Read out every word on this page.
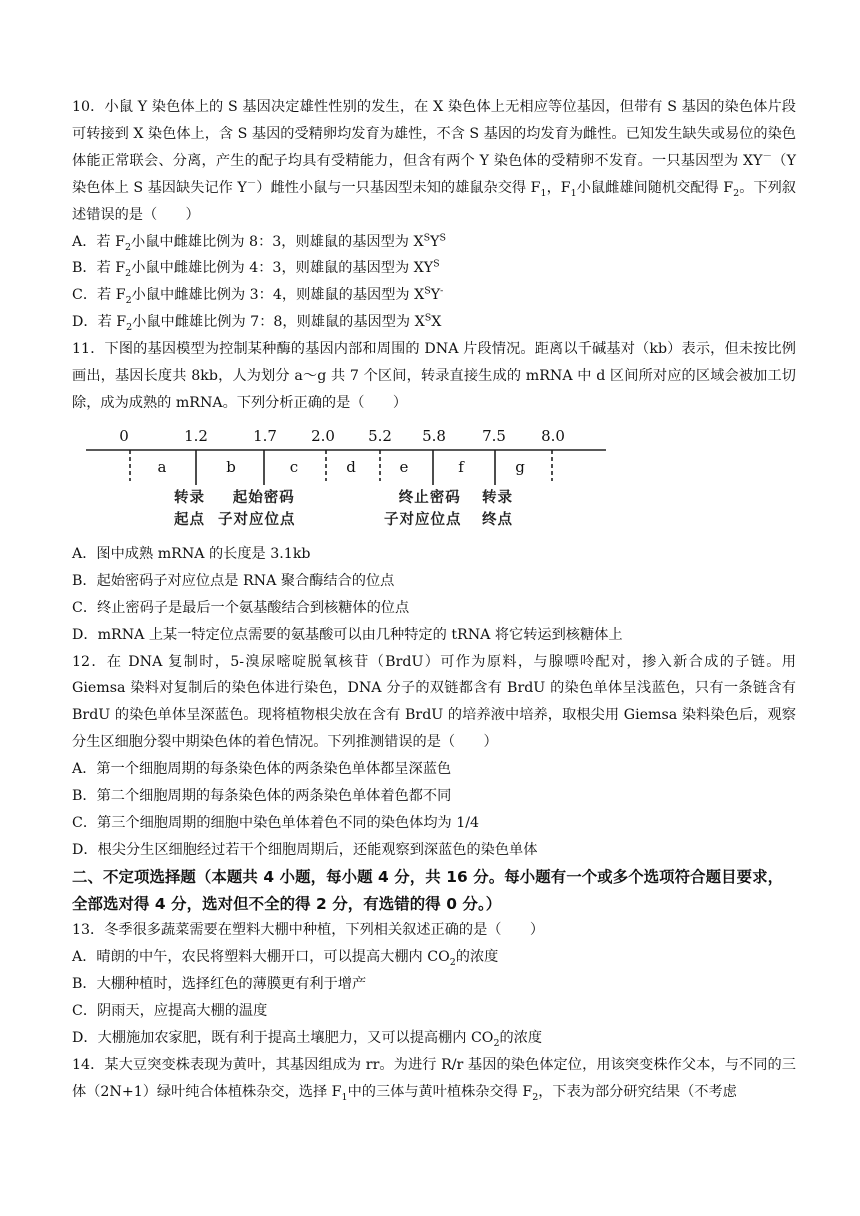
10．小鼠 Y 染色体上的 S 基因决定雄性性别的发生，在 X 染色体上无相应等位基因，但带有 S 基因的染色体片段可转接到 X 染色体上，含 S 基因的受精卵均发育为雄性，不含 S 基因的均发育为雌性。已知发生缺失或易位的染色体能正常联会、分离，产生的配子均具有受精能力，但含有两个 Y 染色体的受精卵不发育。一只基因型为 XY－（Y 染色体上 S 基因缺失记作 Y－）雌性小鼠与一只基因型未知的雄鼠杂交得 $F_1$，$F_1$小鼠雌雄间随机交配得 $F_2$。下列叙述错误的是（　　）

A．若 $F_2$小鼠中雌雄比例为 8：3，则雄鼠的基因型为 $X^SY^S$

B．若 $F_2$小鼠中雌雄比例为 4：3，则雄鼠的基因型为 $XY^S$

C．若 $F_2$小鼠中雌雄比例为 3：4，则雄鼠的基因型为 $X^SY^-$

D．若 $F_2$小鼠中雌雄比例为 7：8，则雄鼠的基因型为 $X^SX$

11．下图的基因模型为控制某种酶的基因内部和周围的 DNA 片段情况。距离以千碱基对（kb）表示，但未按比例画出，基因长度共 8kb，人为划分 a～g 共 7 个区间，转录直接生成的 mRNA 中 d 区间所对应的区域会被加工切除，成为成熟的 mRNA。下列分析正确的是（　　）

0	1.2	1.7 2.0 5.2 5.8 7.5 8.0
a	b	c	d	e	f	g
转录
起点
起始密码
子对应位点
终止密码
子对应位点
转录
终点

A．图中成熟 mRNA 的长度是 3.1kb

B．起始密码子对应位点是 RNA 聚合酶结合的位点

C．终止密码子是最后一个氨基酸结合到核糖体的位点

D．mRNA 上某一特定位点需要的氨基酸可以由几种特定的 tRNA 将它转运到核糖体上

12．在 DNA 复制时，5-溴尿嘧啶脱氧核苷（BrdU）可作为原料，与腺嘌呤配对，掺入新合成的子链。用 Giemsa 染料对复制后的染色体进行染色，DNA 分子的双链都含有 BrdU 的染色单体呈浅蓝色，只有一条链含有 BrdU 的染色单体呈深蓝色。现将植物根尖放在含有 BrdU 的培养液中培养，取根尖用 Giemsa 染料染色后，观察分生区细胞分裂中期染色体的着色情况。下列推测错误的是（　　）

A．第一个细胞周期的每条染色体的两条染色单体都呈深蓝色

B．第二个细胞周期的每条染色体的两条染色单体着色都不同

C．第三个细胞周期的细胞中染色单体着色不同的染色体均为 1/4

D．根尖分生区细胞经过若干个细胞周期后，还能观察到深蓝色的染色单体

二、不定项选择题（本题共 4 小题，每小题 4 分，共 16 分。每小题有一个或多个选项符合题目要求，全部选对得 4 分，选对但不全的得 2 分，有选错的得 0 分。）

13．冬季很多蔬菜需要在塑料大棚中种植，下列相关叙述正确的是（　　）

A．晴朗的中午，农民将塑料大棚开口，可以提高大棚内 $CO_2$的浓度

B．大棚种植时，选择红色的薄膜更有利于增产

C．阴雨天，应提高大棚的温度

D．大棚施加农家肥，既有利于提高土壤肥力，又可以提高棚内 $CO_2$的浓度

14．某大豆突变株表现为黄叶，其基因组成为 rr。为进行 R/r 基因的染色体定位，用该突变株作父本，与不同的三体（2N+1）绿叶纯合体植株杂交，选择 $F_1$中的三体与黄叶植株杂交得 $F_2$，下表为部分研究结果（不考虑
